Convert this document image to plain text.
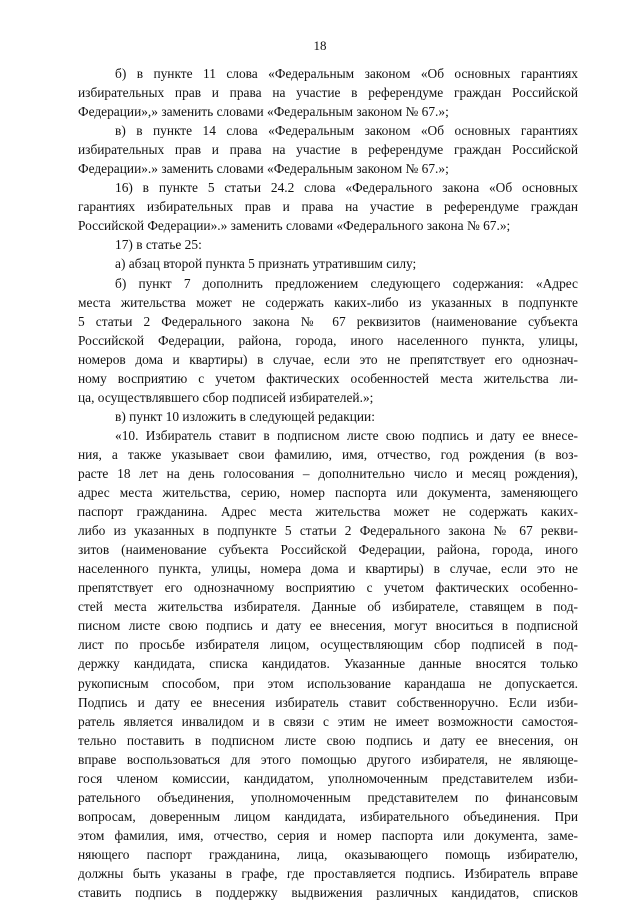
18
б) в пункте 11 слова «Федеральным законом «Об основных гарантиях
избирательных прав и права на участие в референдуме граждан Российской
Федерации»,» заменить словами «Федеральным законом № 67.»;
в) в пункте 14 слова «Федеральным законом «Об основных гарантиях
избирательных прав и права на участие в референдуме граждан Российской
Федерации».» заменить словами «Федеральным законом № 67.»;
16) в пункте 5 статьи 24.2 слова «Федерального закона «Об основных
гарантиях избирательных прав и права на участие в референдуме граждан
Российской Федерации».» заменить словами «Федерального закона № 67.»;
17) в статье 25:
а) абзац второй пункта 5 признать утратившим силу;
б) пункт 7 дополнить предложением следующего содержания: «Адрес
места жительства может не содержать каких-либо из указанных в подпункте
5 статьи 2 Федерального закона № 67 реквизитов (наименование субъекта
Российской Федерации, района, города, иного населенного пункта, улицы,
номеров дома и квартиры) в случае, если это не препятствует его однознач-
ному восприятию с учетом фактических особенностей места жительства ли-
ца, осуществлявшего сбор подписей избирателей.»;
в) пункт 10 изложить в следующей редакции:
«10. Избиратель ставит в подписном листе свою подпись и дату ее внесе-
ния, а также указывает свои фамилию, имя, отчество, год рождения (в воз-
расте 18 лет на день голосования – дополнительно число и месяц рождения),
адрес места жительства, серию, номер паспорта или документа, заменяющего
паспорт гражданина. Адрес места жительства может не содержать каких-
либо из указанных в подпункте 5 статьи 2 Федерального закона № 67 рекви-
зитов (наименование субъекта Российской Федерации, района, города, иного
населенного пункта, улицы, номера дома и квартиры) в случае, если это не
препятствует его однозначному восприятию с учетом фактических особенно-
стей места жительства избирателя. Данные об избирателе, ставящем в под-
писном листе свою подпись и дату ее внесения, могут вноситься в подписной
лист по просьбе избирателя лицом, осуществляющим сбор подписей в под-
держку кандидата, списка кандидатов. Указанные данные вносятся только
рукописным способом, при этом использование карандаша не допускается.
Подпись и дату ее внесения избиратель ставит собственноручно. Если изби-
ратель является инвалидом и в связи с этим не имеет возможности самостоя-
тельно поставить в подписном листе свою подпись и дату ее внесения, он
вправе воспользоваться для этого помощью другого избирателя, не являюще-
гося членом комиссии, кандидатом, уполномоченным представителем изби-
рательного объединения, уполномоченным представителем по финансовым
вопросам, доверенным лицом кандидата, избирательного объединения. При
этом фамилия, имя, отчество, серия и номер паспорта или документа, заме-
няющего паспорт гражданина, лица, оказывающего помощь избирателю,
должны быть указаны в графе, где проставляется подпись. Избиратель вправе
ставить подпись в поддержку выдвижения различных кандидатов, списков
